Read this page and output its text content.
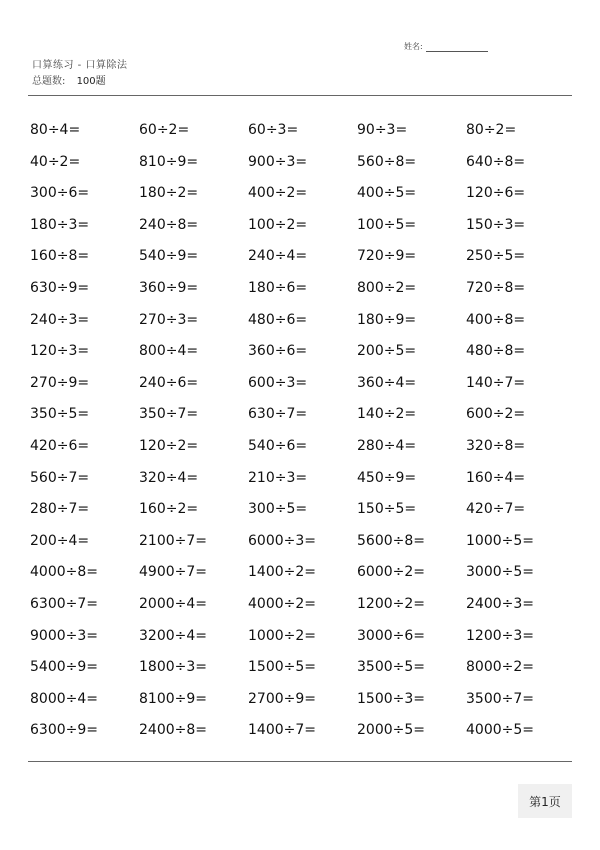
姓名:
口算练习 - 口算除法
总题数: 100题
80÷4=	60÷2=	60÷3=	90÷3=	80÷2=
40÷2=	810÷9=	900÷3=	560÷8=	640÷8=
300÷6=	180÷2=	400÷2=	400÷5=	120÷6=
180÷3=	240÷8=	100÷2=	100÷5=	150÷3=
160÷8=	540÷9=	240÷4=	720÷9=	250÷5=
630÷9=	360÷9=	180÷6=	800÷2=	720÷8=
240÷3=	270÷3=	480÷6=	180÷9=	400÷8=
120÷3=	800÷4=	360÷6=	200÷5=	480÷8=
270÷9=	240÷6=	600÷3=	360÷4=	140÷7=
350÷5=	350÷7=	630÷7=	140÷2=	600÷2=
420÷6=	120÷2=	540÷6=	280÷4=	320÷8=
560÷7=	320÷4=	210÷3=	450÷9=	160÷4=
280÷7=	160÷2=	300÷5=	150÷5=	420÷7=
200÷4=	2100÷7=	6000÷3=	5600÷8=	1000÷5=
4000÷8=	4900÷7=	1400÷2=	6000÷2=	3000÷5=
6300÷7=	2000÷4=	4000÷2=	1200÷2=	2400÷3=
9000÷3=	3200÷4=	1000÷2=	3000÷6=	1200÷3=
5400÷9=	1800÷3=	1500÷5=	3500÷5=	8000÷2=
8000÷4=	8100÷9=	2700÷9=	1500÷3=	3500÷7=
6300÷9=	2400÷8=	1400÷7=	2000÷5=	4000÷5=
第1页
